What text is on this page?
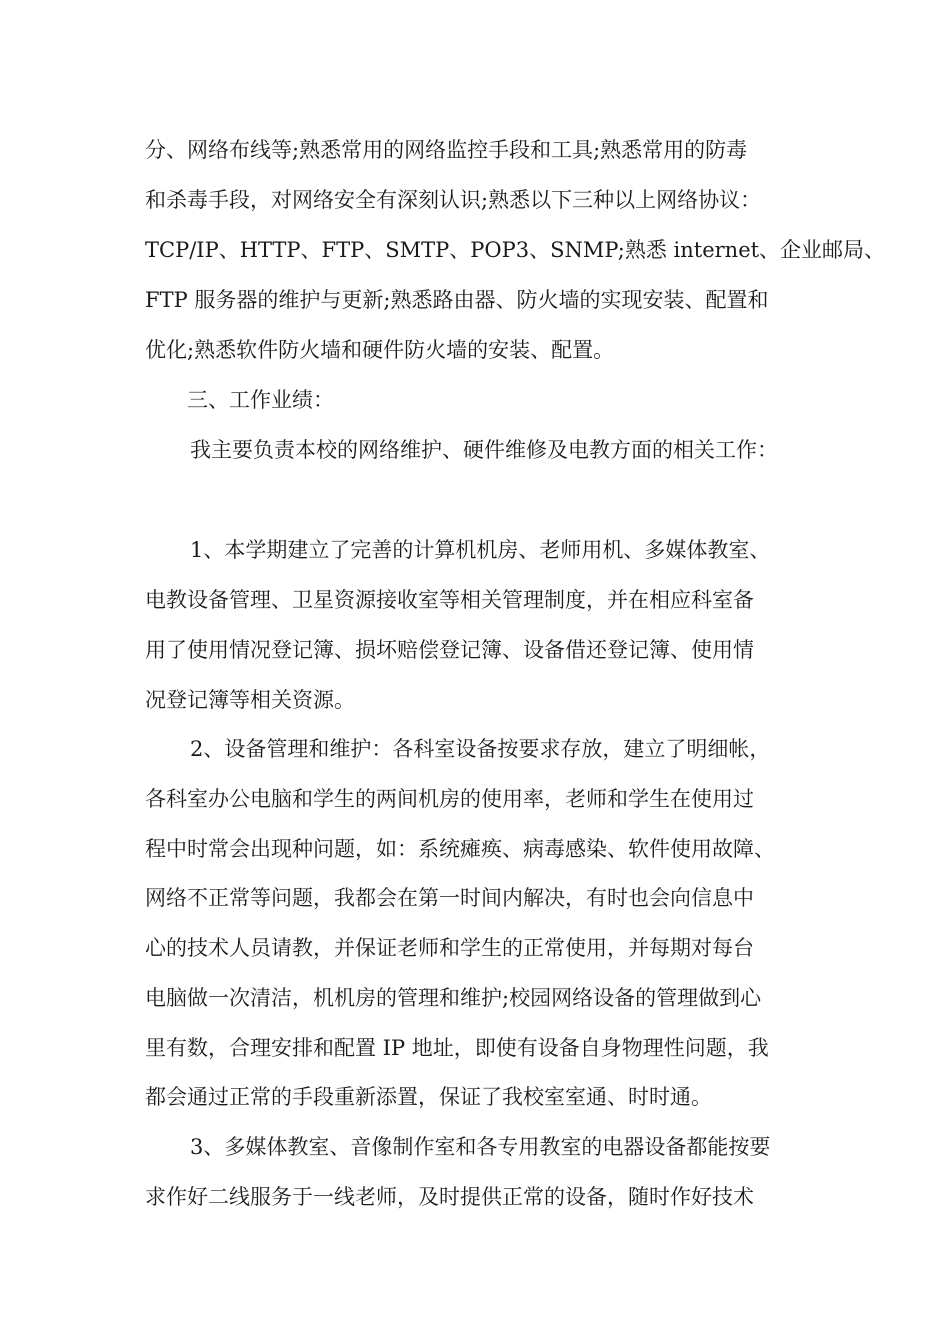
分、网络布线等;熟悉常用的网络监控手段和工具;熟悉常用的防毒

和杀毒手段，对网络安全有深刻认识;熟悉以下三种以上网络协议：

TCP/IP、HTTP、FTP、SMTP、POP3、SNMP;熟悉 internet、企业邮局、

FTP 服务器的维护与更新;熟悉路由器、防火墙的实现安装、配置和

优化;熟悉软件防火墙和硬件防火墙的安装、配置。

三、工作业绩：

我主要负责本校的网络维护、硬件维修及电教方面的相关工作：

1、本学期建立了完善的计算机机房、老师用机、多媒体教室、

电教设备管理、卫星资源接收室等相关管理制度，并在相应科室备

用了使用情况登记簿、损坏赔偿登记簿、设备借还登记簿、使用情

况登记簿等相关资源。

2、设备管理和维护：各科室设备按要求存放，建立了明细帐，

各科室办公电脑和学生的两间机房的使用率，老师和学生在使用过

程中时常会出现种问题，如：系统瘫痪、病毒感染、软件使用故障、

网络不正常等问题，我都会在第一时间内解决，有时也会向信息中

心的技术人员请教，并保证老师和学生的正常使用，并每期对每台

电脑做一次清洁，机机房的管理和维护;校园网络设备的管理做到心

里有数，合理安排和配置 IP 地址，即使有设备自身物理性问题，我

都会通过正常的手段重新添置，保证了我校室室通、时时通。

3、多媒体教室、音像制作室和各专用教室的电器设备都能按要

求作好二线服务于一线老师，及时提供正常的设备，随时作好技术
